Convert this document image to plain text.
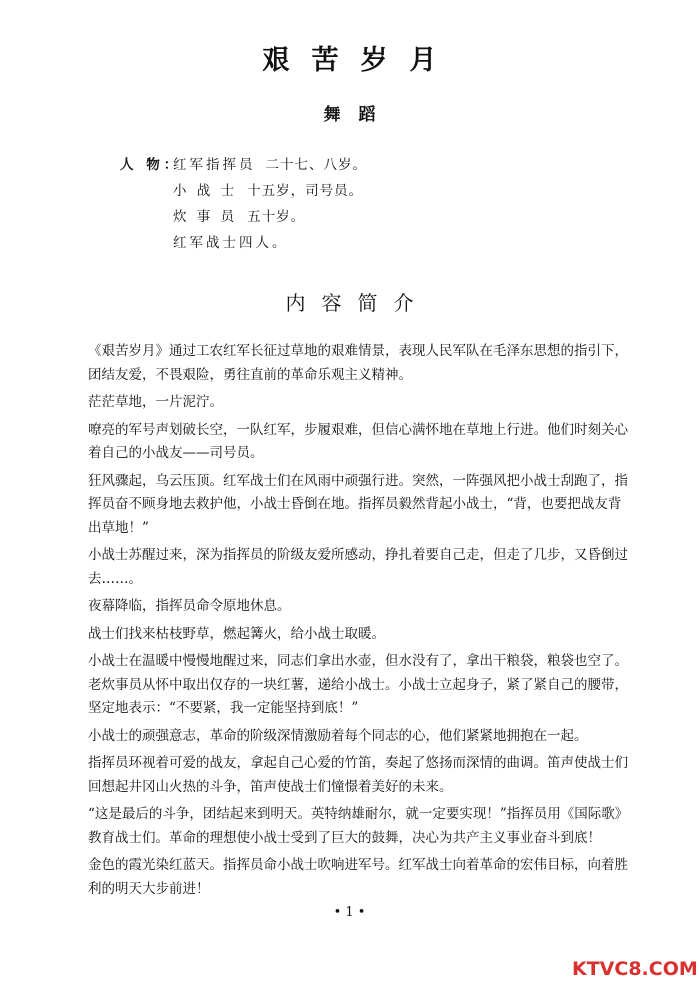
艰苦岁月
舞蹈
人 物：红军指挥员 二十七、八岁。
小 战 士 十五岁，司号员。
炊 事 员 五十岁。
红军战士四人。
内容简介

《艰苦岁月》通过工农红军长征过草地的艰难情景，表现人民军队在毛泽东思想的指引下，团结友爱，不畏艰险，勇往直前的革命乐观主义精神。

茫茫草地，一片泥泞。

嘹亮的军号声划破长空，一队红军，步履艰难，但信心满怀地在草地上行进。他们时刻关心着自己的小战友——司号员。

狂风骤起，乌云压顶。红军战士们在风雨中顽强行进。突然，一阵强风把小战士刮跑了，指挥员奋不顾身地去救护他，小战士昏倒在地。指挥员毅然背起小战士，“背，也要把战友背出草地！”

小战士苏醒过来，深为指挥员的阶级友爱所感动，挣扎着要自己走，但走了几步，又昏倒过去……。

夜幕降临，指挥员命令原地休息。

战士们找来枯枝野草，燃起篝火，给小战士取暖。

小战士在温暖中慢慢地醒过来，同志们拿出水壶，但水没有了，拿出干粮袋，粮袋也空了。老炊事员从怀中取出仅存的一块红薯，递给小战士。小战士立起身子，紧了紧自己的腰带，坚定地表示：“不要紧，我一定能坚持到底！”

小战士的顽强意志，革命的阶级深情激励着每个同志的心，他们紧紧地拥抱在一起。

指挥员环视着可爱的战友，拿起自己心爱的竹笛，奏起了悠扬而深情的曲调。笛声使战士们回想起井冈山火热的斗争，笛声使战士们憧憬着美好的未来。

“这是最后的斗争，团结起来到明天。英特纳雄耐尔，就一定要实现！”指挥员用《国际歌》教育战士们。革命的理想使小战士受到了巨大的鼓舞，决心为共产主义事业奋斗到底！

金色的霞光染红蓝天。指挥员命小战士吹响进军号。红军战士向着革命的宏伟目标，向着胜利的明天大步前进！

• 1 •
KTVC8.COM
